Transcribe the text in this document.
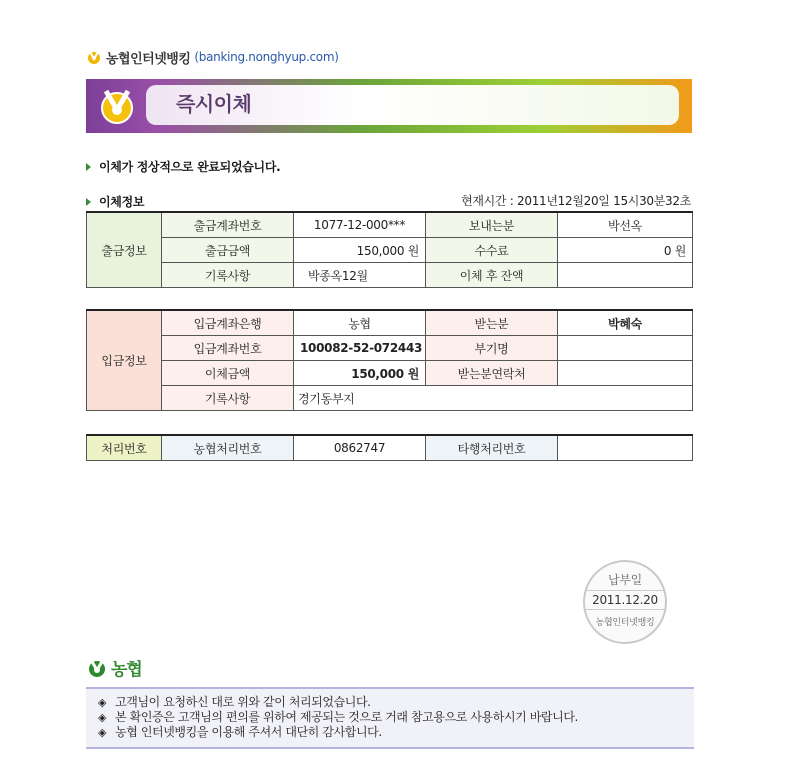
농협인터넷뱅킹 (banking.nonghyup.com)
즉시이체
이체가 정상적으로 완료되었습니다.
이체정보	현재시간 : 2011년12월20일 15시30분32초
출금정보	출금계좌번호	1077-12-000***	보내는분	박선옥
	출금금액	150,000 원	수수료	0 원
	기록사항	박종옥12월	이체 후 잔액	
입금정보	입금계좌은행	농협	받는분	박혜숙
	입금계좌번호	100082-52-072443	부기명	
	이체금액	150,000 원	받는분연락처	
	기록사항	경기동부지		
처리번호	농협처리번호	0862747	타행처리번호	
납부일
2011.12.20
농협인터넷뱅킹
농협
◈ 고객님이 요청하신 대로 위와 같이 처리되었습니다.
◈ 본 확인증은 고객님의 편의를 위하여 제공되는 것으로 거래 참고용으로 사용하시기 바랍니다.
◈ 농협 인터넷뱅킹을 이용해 주셔서 대단히 감사합니다.
